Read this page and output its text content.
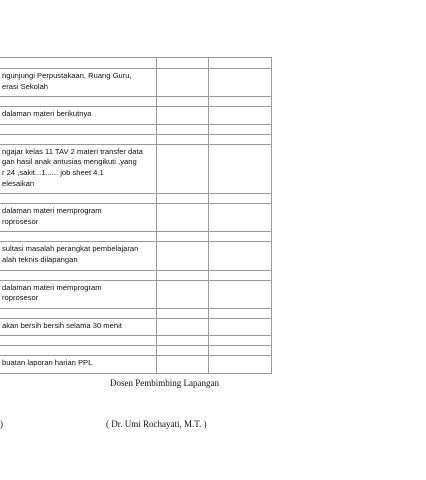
ngunjungi Perpustakaan, Ruang Guru,
erasi Sekolah		

dalaman materi berikutnya		

ngajar kelas 11 TAV 2 materi transfer data
gan hasil anak antusias mengikuti ,yang
r 24 ,sakit...1...... job sheet 4.1
elesaikan		

dalaman materi memprogram
roprosesor		

sultasi masalah perangkat pembelajaran
alah teknis dilapangan		

dalaman materi memprogram
roprosesor		

akan bersih bersih selama 30 menit		

buatan laporan harian PPL		

Dosen Pembimbing Lapangan
)	( Dr. Umi Rochayati, M.T. )
